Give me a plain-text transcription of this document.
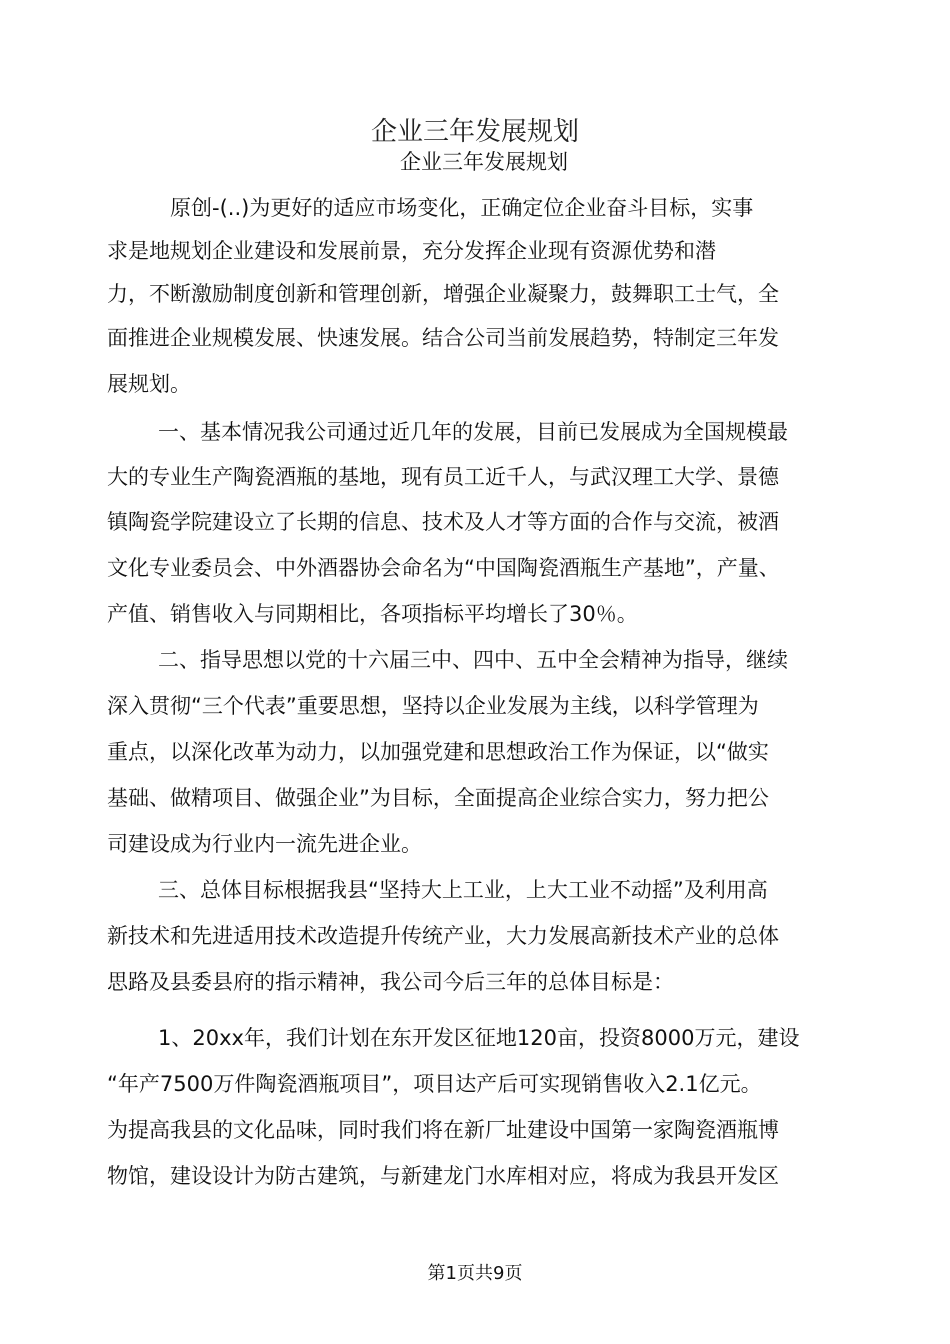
企业三年发展规划
企业三年发展规划
原创-(..)为更好的适应市场变化，正确定位企业奋斗目标，实事
求是地规划企业建设和发展前景，充分发挥企业现有资源优势和潜
力，不断激励制度创新和管理创新，增强企业凝聚力，鼓舞职工士气，全
面推进企业规模发展、快速发展。结合公司当前发展趋势，特制定三年发
展规划。
一、基本情况我公司通过近几年的发展，目前已发展成为全国规模最
大的专业生产陶瓷酒瓶的基地，现有员工近千人，与武汉理工大学、景德
镇陶瓷学院建设立了长期的信息、技术及人才等方面的合作与交流，被酒
文化专业委员会、中外酒器协会命名为“中国陶瓷酒瓶生产基地”，产量、
产值、销售收入与同期相比，各项指标平均增长了30％。
二、指导思想以党的十六届三中、四中、五中全会精神为指导，继续
深入贯彻“三个代表”重要思想，坚持以企业发展为主线，以科学管理为
重点，以深化改革为动力，以加强党建和思想政治工作为保证，以“做实
基础、做精项目、做强企业”为目标，全面提高企业综合实力，努力把公
司建设成为行业内一流先进企业。
三、总体目标根据我县“坚持大上工业，上大工业不动摇”及利用高
新技术和先进适用技术改造提升传统产业，大力发展高新技术产业的总体
思路及县委县府的指示精神，我公司今后三年的总体目标是：
1、20xx年，我们计划在东开发区征地120亩，投资8000万元，建设
“年产7500万件陶瓷酒瓶项目”，项目达产后可实现销售收入2.1亿元。
为提高我县的文化品味，同时我们将在新厂址建设中国第一家陶瓷酒瓶博
物馆，建设设计为防古建筑，与新建龙门水库相对应，将成为我县开发区
第1页共9页
